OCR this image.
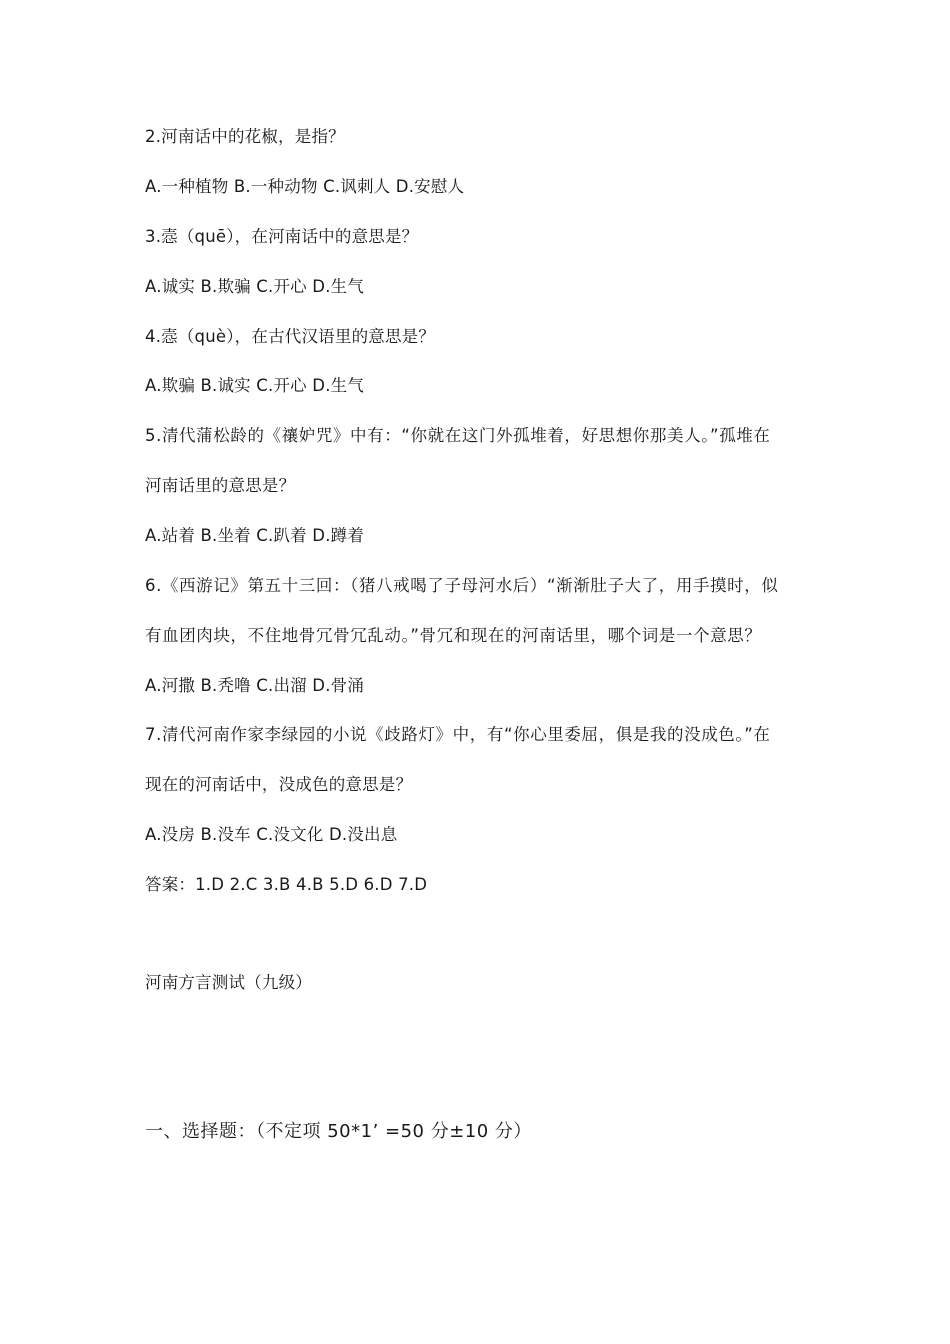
2.河南话中的花椒，是指？
A.一种植物 B.一种动物 C.讽刺人 D.安慰人
3.悫（quē），在河南话中的意思是？
A.诚实 B.欺骗 C.开心 D.生气
4.悫（què），在古代汉语里的意思是？
A.欺骗 B.诚实 C.开心 D.生气
5.清代蒲松龄的《禳妒咒》中有：“你就在这门外孤堆着，好思想你那美人。”孤堆在
河南话里的意思是？
A.站着 B.坐着 C.趴着 D.蹲着
6.《西游记》第五十三回：（猪八戒喝了子母河水后）“渐渐肚子大了，用手摸时，似
有血团肉块，不住地骨冗骨冗乱动。”骨冗和现在的河南话里，哪个词是一个意思？
A.河撒 B.秃噜 C.出溜 D.骨涌
7.清代河南作家李绿园的小说《歧路灯》中，有“你心里委屈，俱是我的没成色。”在
现在的河南话中，没成色的意思是？
A.没房 B.没车 C.没文化 D.没出息
答案：1.D 2.C 3.B 4.B 5.D 6.D 7.D
河南方言测试（九级）
一、选择题：（不定项 50*1’ =50 分±10 分）
